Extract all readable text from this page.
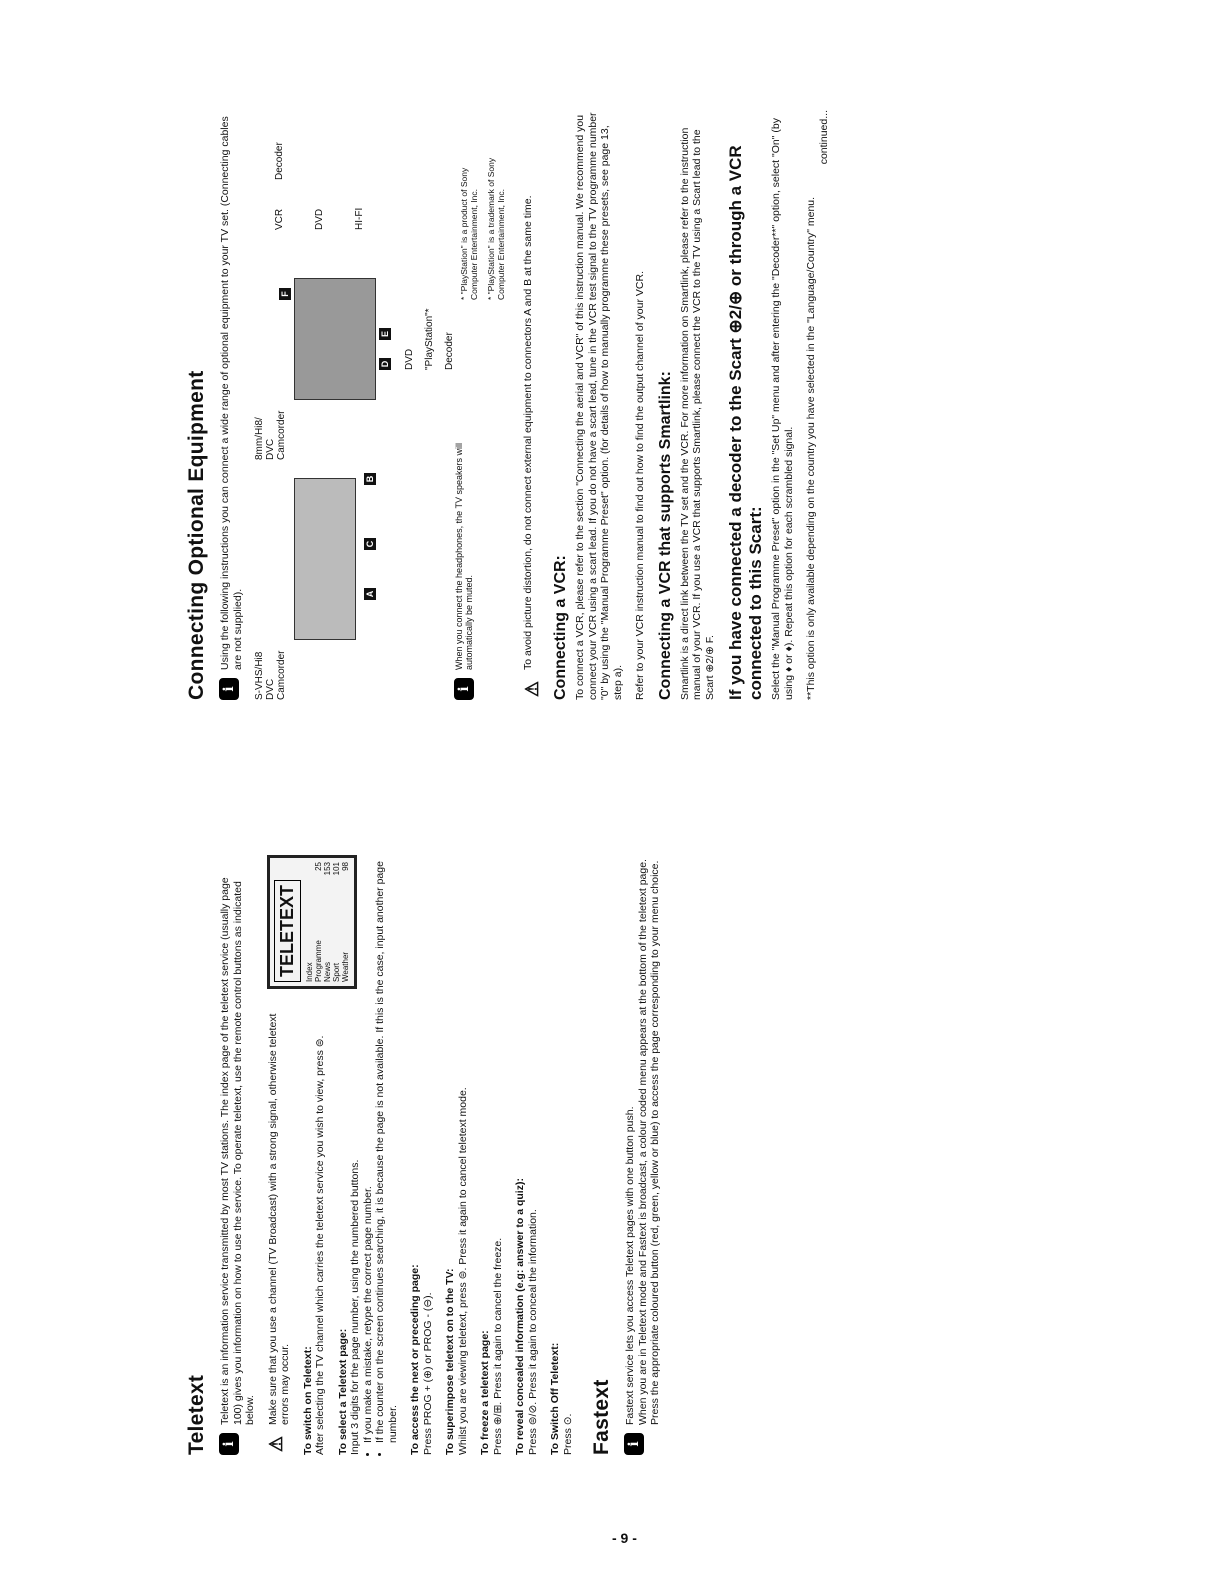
Teletext i

Teletext is an information service transmitted by most TV stations. The index page of the teletext service (usually page 100) gives you information on how to use the service. To operate teletext, use the remote control buttons as indicated below.

TELETEXT Index Programme
25
News
153
Sport
101
Weather
98
⚠

Make sure that you use a channel (TV Broadcast) with a strong signal, otherwise teletext errors may occur. To switch on Teletext: After selecting the TV channel which carries the teletext service you wish to view, press ⊜. To select a Teletext page: Input 3 digits for the page number, using the numbered buttons. • If you make a mistake, retype the correct page number. • If the counter on the screen continues searching, it is because the page is not available. If this is the case, input another page number. To access the next or preceding page: Press PROG + (⊕) or PROG - (⊖). To superimpose teletext on to the TV: Whilst you are viewing teletext, press ⊜. Press it again to cancel teletext mode. To freeze a teletext page: Press ⊕/⊞. Press it again to cancel the freeze. To reveal concealed information (e.g: answer to a quiz): Press ⊜/⊘. Press it again to conceal the information. To Switch Off Teletext: Press ⊙. Fastext i

Fastext service lets you access Teletext pages with one button push. When you are in Teletext mode and Fastext is broadcast, a colour coded menu appears at the bottom of the teletext page. Press the appropriate coloured button (red, green, yellow or blue) to access the page corresponding to your menu choice.

Connecting Optional Equipment i

Using the following instructions you can connect a wide range of optional equipment to your TV set. (Connecting cables are not supplied).

S-VHS/Hi8
DVC
Camcorder
8mm/Hi8/
DVC
Camcorder
A
B
C
D
E
F
VCR
Decoder
DVD	HI-FI
DVD "PlayStation"* Decoder
i

When you connect the headphones, the TV speakers will automatically be muted.

* "PlayStation" is a product of Sony Computer Entertainment, Inc. * "PlayStation" is a trademark of Sony Computer Entertainment, Inc.
⚠

To avoid picture distortion, do not connect external equipment to connectors A and B at the same time.	Connecting a VCR: To connect a VCR, please refer to the section "Connecting the aerial and VCR" of this instruction manual. We recommend you connect your VCR using a scart lead. If you do not have a scart lead, tune in the VCR test signal to the TV programme number "0" by using the "Manual Programme Preset" option. (for details of how to manually programme these presets, see page 13, step a). Refer to your VCR instruction manual to find out how to find the output channel of your VCR. Connecting a VCR that supports Smartlink: Smartlink is a direct link between the TV set and the VCR. For more information on Smartlink, please refer to the instruction manual of your VCR. If you use a VCR that supports Smartlink, please connect the VCR to the TV using a Scart lead to the Scart ⊕2/⊕ F. If you have connected a decoder to the Scart ⊕2/⊕ or through a VCR connected to this Scart: Select the "Manual Programme Preset" option in the "Set Up" menu and after entering the "Decoder**" option, select "On" (by using ♦ or ♦). Repeat this option for each scrambled signal. **This option is only available depending on the country you have selected in the "Language/Country" menu.

continued...

- 9 -
